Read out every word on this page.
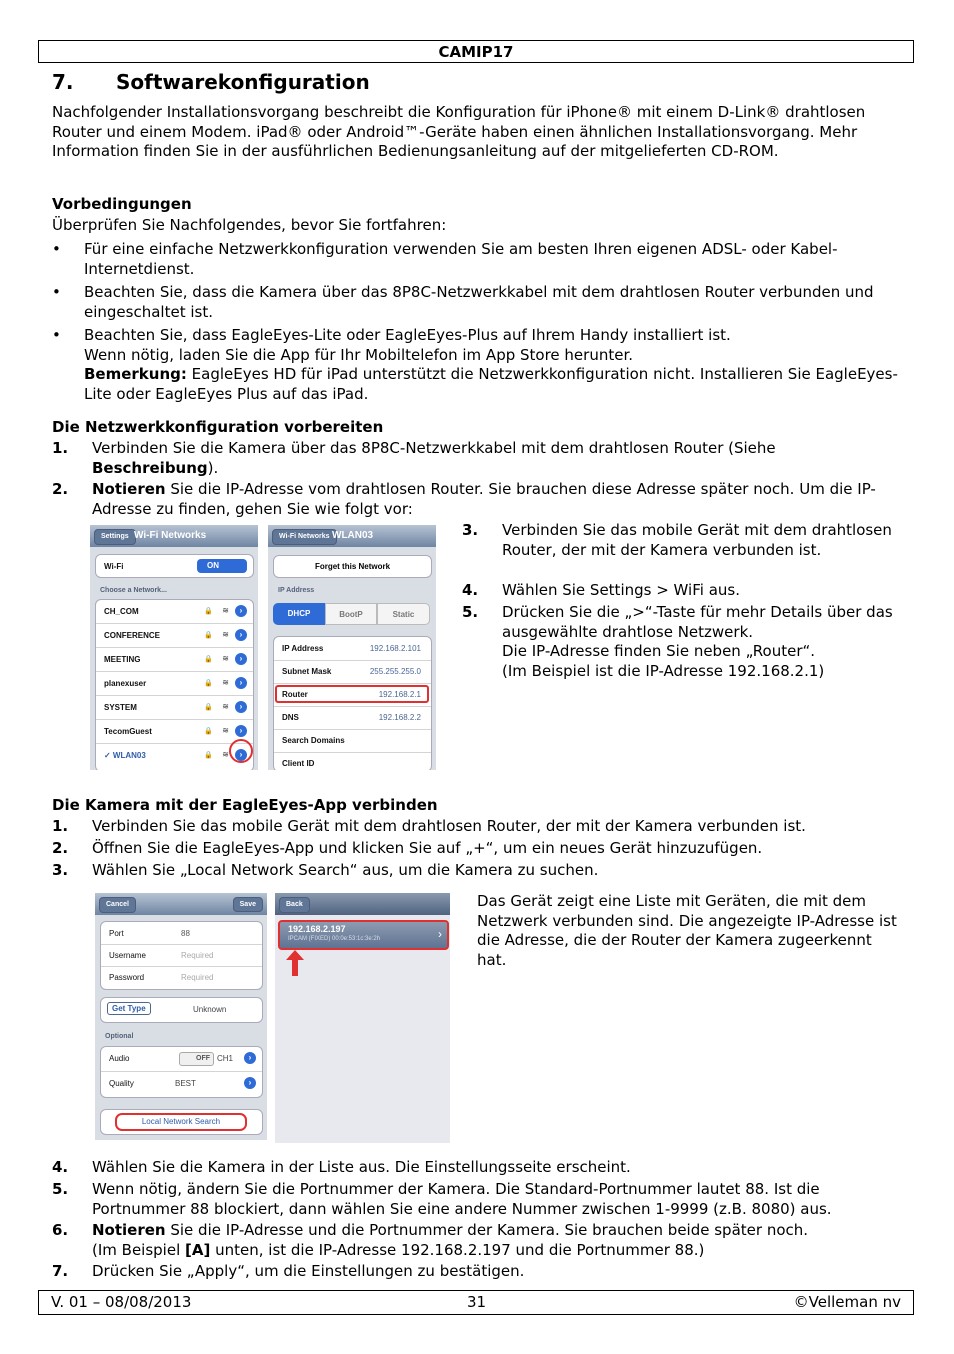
CAMIP17
7. Softwarekonfiguration

Nachfolgender Installationsvorgang beschreibt die Konfiguration für iPhone® mit einem D-Link® drahtlosen Router und einem Modem. iPad® oder Android™-Geräte haben einen ähnlichen Installationsvorgang. Mehr Information finden Sie in der ausführlichen Bedienungsanleitung auf der mitgelieferten CD-ROM.

Vorbedingungen

Überprüfen Sie Nachfolgendes, bevor Sie fortfahren:

• Für eine einfache Netzwerkkonfiguration verwenden Sie am besten Ihren eigenen ADSL- oder Kabel-Internetdienst.
• Beachten Sie, dass die Kamera über das 8P8C-Netzwerkkabel mit dem drahtlosen Router verbunden und eingeschaltet ist.
• Beachten Sie, dass EagleEyes-Lite oder EagleEyes-Plus auf Ihrem Handy installiert ist.
Wenn nötig, laden Sie die App für Ihr Mobiltelefon im App Store herunter.
Bemerkung: EagleEyes HD für iPad unterstützt die Netzwerkkonfiguration nicht. Installieren Sie EagleEyes-Lite oder EagleEyes Plus auf das iPad.

Die Netzwerkkonfiguration vorbereiten

1. Verbinden Sie die Kamera über das 8P8C-Netzwerkkabel mit dem drahtlosen Router (Siehe Beschreibung).
2. Notieren Sie die IP-Adresse vom drahtlosen Router. Sie brauchen diese Adresse später noch. Um die IP-Adresse zu finden, gehen Sie wie folgt vor:
3. Verbinden Sie das mobile Gerät mit dem drahtlosen Router, der mit der Kamera verbunden ist.
4. Wählen Sie Settings > WiFi aus.
5. Drücken Sie die „>“-Taste für mehr Details über das ausgewählte drahtlose Netzwerk.
Die IP-Adresse finden Sie neben „Router“.
(Im Beispiel ist die IP-Adresse 192.168.2.1)
Settings Wi-Fi Networks
Wi-Fi	ON
Choose a Network...
CH_COM	🔒 ≋	›
CONFERENCE	🔒 ≋	›
MEETING	🔒 ≋	›
planexuser	🔒 ≋	›
SYSTEM	🔒 ≋	›
TecomGuest	🔒 ≋	›
✓ WLAN03	🔒 ≋	›
Wi-Fi Networks WLAN03
Forget this Network
IP Address
DHCP	BootP	Static
IP Address	192.168.2.101
Subnet Mask	255.255.255.0
Router	192.168.2.1
DNS	192.168.2.2
Search Domains
Client ID

Die Kamera mit der EagleEyes-App verbinden

1. Verbinden Sie das mobile Gerät mit dem drahtlosen Router, der mit der Kamera verbunden ist.
2. Öffnen Sie die EagleEyes-App und klicken Sie auf „+“, um ein neues Gerät hinzuzufügen.
3. Wählen Sie „Local Network Search“ aus, um die Kamera zu suchen.

Das Gerät zeigt eine Liste mit Geräten, die mit dem Netzwerk verbunden sind. Die angezeigte IP-Adresse ist die Adresse, die der Router der Kamera zugeerkennt hat.

Cancel	Save
Port	88
Username	Required
Password	Required
Get Type	Unknown
Optional
Audio	OFF CH1	›
Quality	BEST	›
Local Network Search
Back
192.168.2.197
IPCAM (FIXED) 00:0e:53:1c:3e:2h	›
4. Wählen Sie die Kamera in der Liste aus. Die Einstellungsseite erscheint.
5. Wenn nötig, ändern Sie die Portnummer der Kamera. Die Standard-Portnummer lautet 88. Ist die Portnummer 88 blockiert, dann wählen Sie eine andere Nummer zwischen 1-9999 (z.B. 8080) aus.
6. Notieren Sie die IP-Adresse und die Portnummer der Kamera. Sie brauchen beide später noch.
(Im Beispiel [A] unten, ist die IP-Adresse 192.168.2.197 und die Portnummer 88.)
7. Drücken Sie „Apply“, um die Einstellungen zu bestätigen.
V. 01 – 08/08/2013	31	©Velleman nv
